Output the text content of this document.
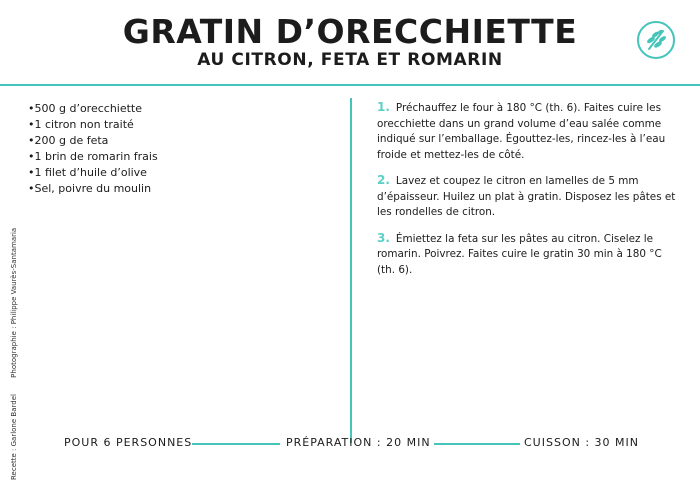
GRATIN D’ORECCHIETTE
AU CITRON, FETA ET ROMARIN
• 500 g d’orecchiette
• 1 citron non traité
• 200 g de feta
• 1 brin de romarin frais
• 1 filet d’huile d’olive
• Sel, poivre du moulin
Recette : Garlone Bardel Photographie : Philippe Vaurès-Santamaria

1. Préchauffez le four à 180 °C (th. 6). Faites cuire les orecchiette dans un grand volume d’eau salée comme indiqué sur l’emballage. Égouttez-les, rincez-les à l’eau froide et mettez-les de côté.

2. Lavez et coupez le citron en lamelles de 5 mm d’épaisseur. Huilez un plat à gratin. Disposez les pâtes et les rondelles de citron.

3. Émiettez la feta sur les pâtes au citron. Ciselez le romarin. Poivrez. Faites cuire le gratin 30 min à 180 °C (th. 6).

POUR 6 PERSONNES	PRÉPARATION : 20 MIN	CUISSON : 30 MIN
